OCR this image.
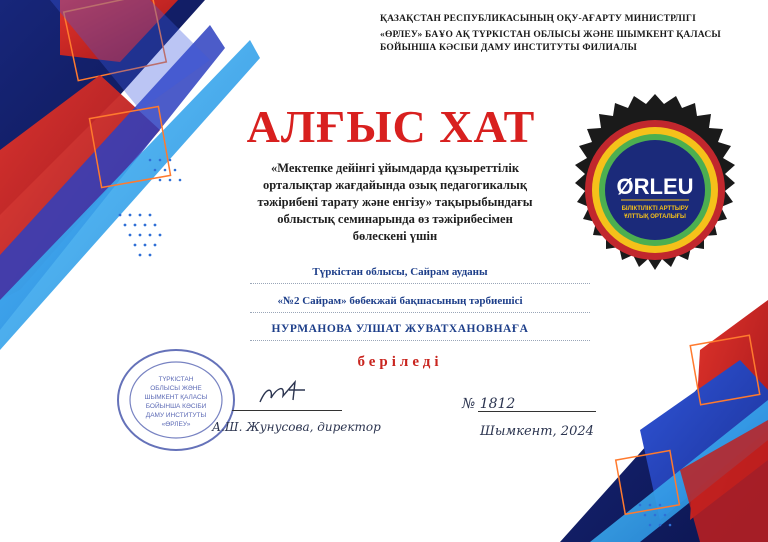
ҚАЗАҚСТАН РЕСПУБЛИКАСЫНЫҢ ОҚУ-АҒАРТУ МИНИСТРЛІГІ
«ӨРЛЕУ» БАҰО АҚ ТҮРКІСТАН ОБЛЫСЫ ЖӘНЕ ШЫМКЕНТ ҚАЛАСЫ
БОЙЫНША КӘСІБИ ДАМУ ИНСТИТУТЫ ФИЛИАЛЫ
АЛҒЫС ХАТ
«Мектепке дейінгі ұйымдарда құзыреттілік
орталықтар жағдайында озық педагогикалық
тәжірибені тарату және енгізу» тақырыбындағы
облыстық семинарында өз тәжірибесімен
бөлескені үшін
Түркістан облысы, Сайрам ауданы
«№2 Сайрам» бөбекжай бақшасының тәрбиешісі
НУРМАНОВА УЛШАТ ЖУВАТХАНОВНАҒА
беріледі
ØRLEU
БІЛІКТІЛІКТІ АРТТЫРУ
ҰЛТТЫҚ ОРТАЛЫҒЫ
ТҮРКІСТАН
ОБЛЫСЫ ЖӘНЕ
ШЫМКЕНТ ҚАЛАСЫ
БОЙЫНША КӘСІБИ
ДАМУ ИНСТИТУТЫ
«ӨРЛЕУ» А.Ш. Жунусова, директор
№ 1812
Шымкент, 2024
